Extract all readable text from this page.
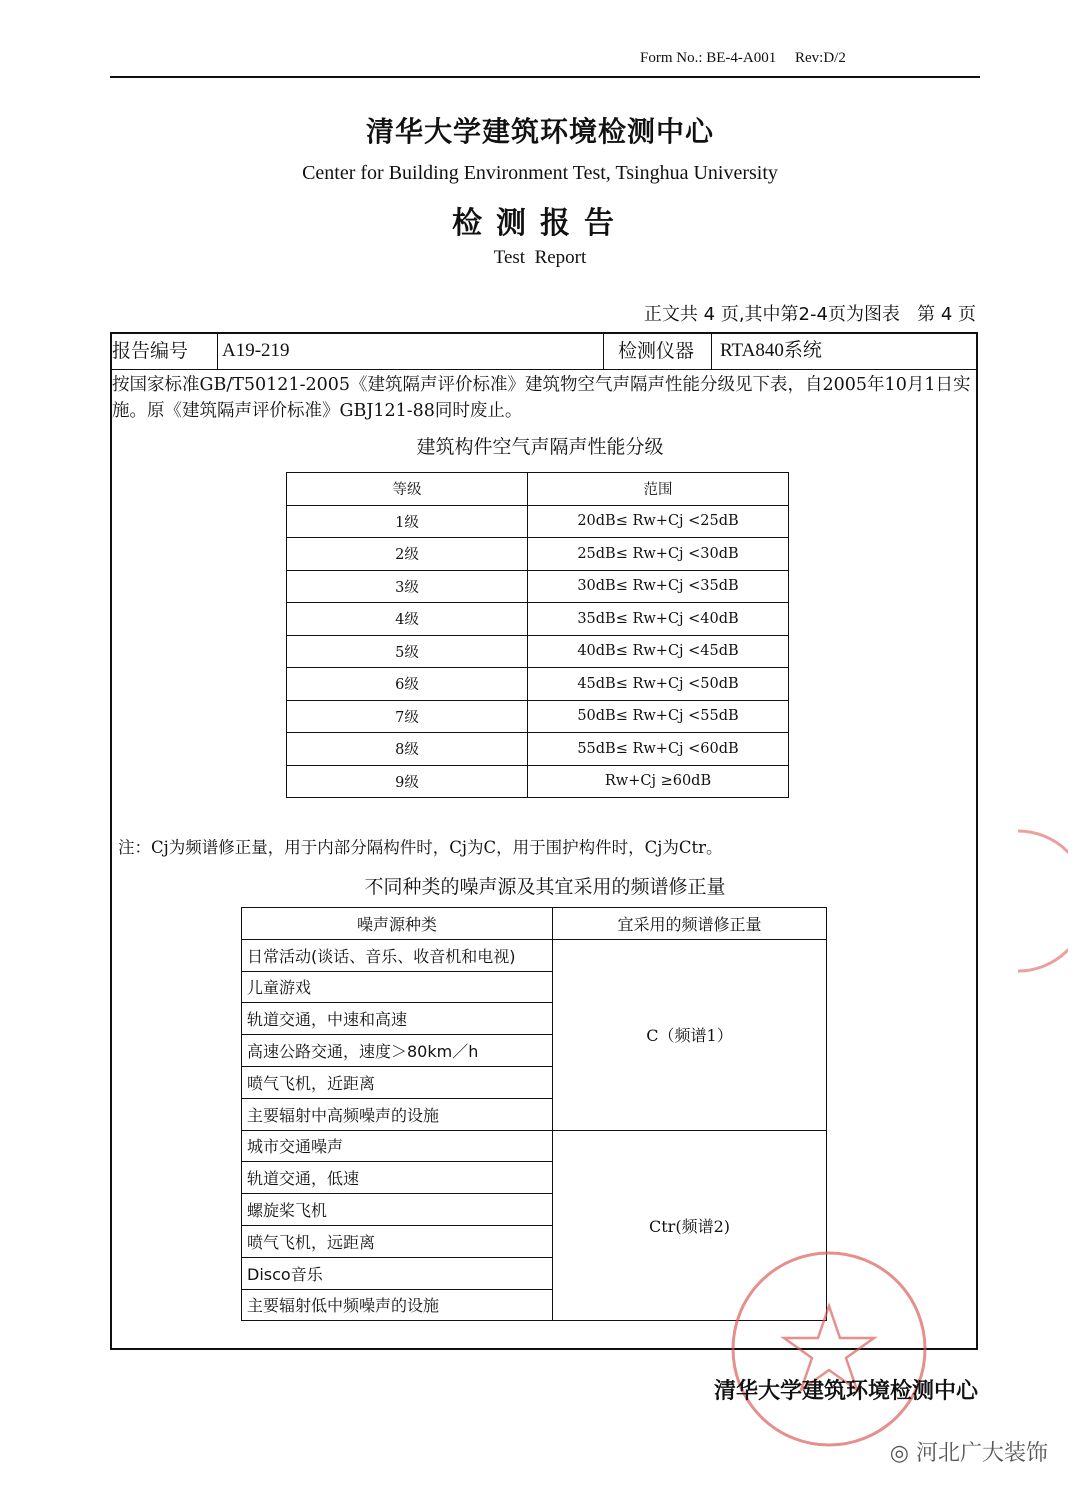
Form No.: BE-4-A001     Rev:D/2
清华大学建筑环境检测中心
Center for Building Environment Test, Tsinghua University
检测报告
Test  Report
正文共 4 页,其中第2-4页为图表   第 4 页
报告编号	A19-219	检测仪器	RTA840系统
按国家标准GB/T50121-2005《建筑隔声评价标准》建筑物空气声隔声性能分级见下表，自2005年10月1日实施。原《建筑隔声评价标准》GBJ121-88同时废止。
建筑构件空气声隔声性能分级
等级	范围
1级	20dB≤ Rw+Cj <25dB
2级	25dB≤ Rw+Cj <30dB
3级	30dB≤ Rw+Cj <35dB
4级	35dB≤ Rw+Cj <40dB
5级	40dB≤ Rw+Cj <45dB
6级	45dB≤ Rw+Cj <50dB
7级	50dB≤ Rw+Cj <55dB
8级	55dB≤ Rw+Cj <60dB
9级	Rw+Cj ≥60dB
注：Cj为频谱修正量，用于内部分隔构件时，Cj为C，用于围护构件时，Cj为Ctr。
不同种类的噪声源及其宜采用的频谱修正量
噪声源种类	宜采用的频谱修正量
日常活动(谈话、音乐、收音机和电视)	C（频谱1）
儿童游戏	
轨道交通，中速和高速	
高速公路交通，速度＞80km／h	
喷气飞机，近距离	
主要辐射中高频噪声的设施	
城市交通噪声	Ctr(频谱2)
轨道交通，低速	
螺旋桨飞机	
喷气飞机，远距离	
Disco音乐	
主要辐射低中频噪声的设施	
清华大学建筑环境检测中心
◎ 河北广大装饰
